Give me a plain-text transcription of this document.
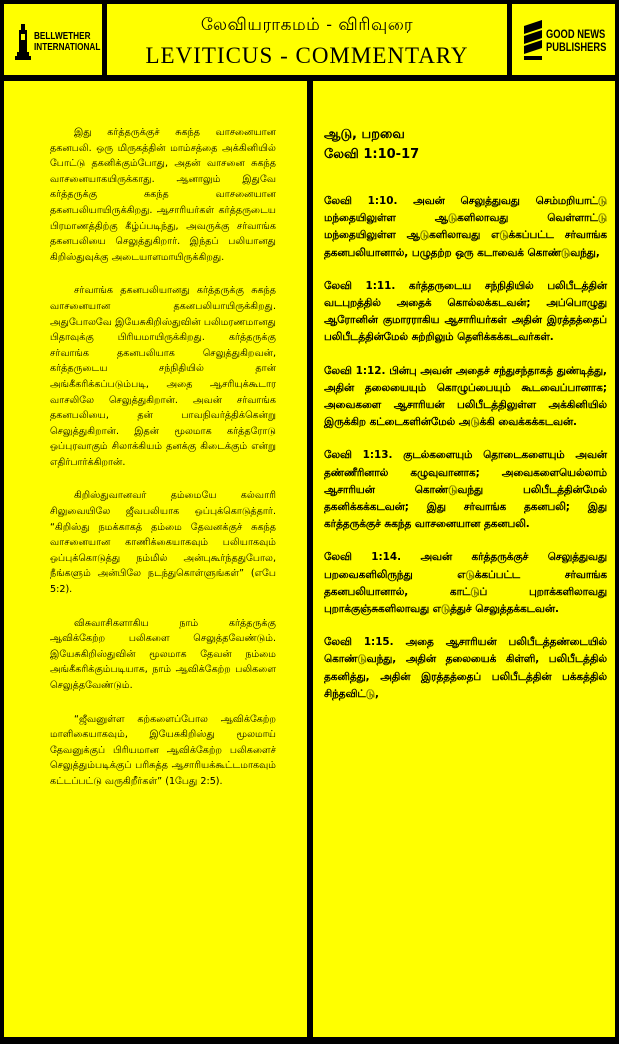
BELLWETHER
INTERNATIONAL
லேவியராகமம் - விரிவுரை
LEVITICUS - COMMENTARY
GOOD NEWS
PUBLISHERS

இது கர்த்தருக்குச் சுகந்த வாசனையான தகனபலி. ஒரு மிருகத்தின் மாம்சத்தை அக்கினியில் போட்டு தகனிக்கும்போது, அதன் வாசனை சுகந்த வாசனையாகயிருக்காது. ஆனாலும் இதுவே கர்த்தருக்கு சுகந்த வாசனையான தகனபலியாயிருக்கிறது. ஆசாரியர்கள் கர்த்தருடைய பிரமாணத்திற்கு கீழ்ப்படிந்து, அவருக்கு சர்வாங்க தகனபலியை செலுத்துகிறார். இந்தப் பலியானது கிறிஸ்துவுக்கு அடையாளமாயிருக்கிறது.

சர்வாங்க தகனபலியானது கர்த்தருக்கு சுகந்த வாசனையான தகனபலியாயிருக்கிறது. அதுபோலவே இயேசுகிறிஸ்துவின் பலிமரணமானது பிதாவுக்கு பிரியமாயிருக்கிறது. கர்த்தருக்கு சர்வாங்க தகனபலியாக செலுத்துகிறவன், கர்த்தருடைய சந்நிதியில் தான் அங்கீகரிக்கப்படும்படி, அதை ஆசரியுக்கூடார வாசலிலே செலுத்துகிறான். அவன் சர்வாங்க தகனபலியை, தன் பாவநிவர்த்திக்கென்று செலுத்துகிறான். இதன் மூலமாக கர்த்தரோடு ஒப்புரவாகும் சிலாக்கியம் தனக்கு கிடைக்கும் என்று எதிர்பார்க்கிறான்.

கிறிஸ்துவானவர் தம்மையே கல்வாரி சிலுவையிலே ஜீவபலியாக ஒப்புக்கொடுத்தார். “கிறிஸ்து நமக்காகத் தம்மை தேவனக்குச் சுகந்த வாசனையான காணிக்கையாகவும் பலியாகவும் ஒப்புக்கொடுத்து நம்மில் அன்புகூர்ந்ததுபோல, நீங்களும் அன்பிலே நடந்துகொள்ளுங்கள்” (எபே 5:2).

விசுவாசிகளாகிய நாம் கர்த்தருக்கு ஆவிக்கேற்ற பலிகளை செலுத்தவேண்டும். இயேசுகிறிஸ்துவின் மூலமாக தேவன் நம்மை அங்கீகரிக்கும்படியாக, நாம் ஆவிக்கேற்ற பலிகளை செலுத்தவேண்டும்.

“ஜீவனுள்ள கற்களைப்போல ஆவிக்கேற்ற மாளிகையாகவும், இயேசுகிறிஸ்து மூலமாய் தேவனுக்குப் பிரியமான ஆவிக்கேற்ற பலிகளைச் செலுத்தும்படிக்குப் பரிசுத்த ஆசாரியக்கூட்டமாகவும் கட்டப்பட்டு வருகிறீர்கள்” (1பேது 2:5).

ஆடு, பறவை
லேவி 1:10-17

லேவி 1:10. அவன் செலுத்துவது செம்மறியாட்டு மந்தையிலுள்ள ஆடுகளிலாவது வெள்ளாட்டு மந்தையிலுள்ள ஆடுகளிலாவது எடுக்கப்பட்ட சர்வாங்க தகனபலியானால், பழுதற்ற ஒரு கடாவைக் கொண்டுவந்து,

லேவி 1:11. கர்த்தருடைய சந்நிதியில் பலிபீடத்தின் வடபுறத்தில் அதைக் கொல்லக்கடவன்; அப்பொழுது ஆரோனின் குமாரராகிய ஆசாரியர்கள் அதின் இரத்தத்தைப் பலிபீடத்தின்மேல் சுற்றிலும் தெளிக்கக்கடவர்கள்.

லேவி 1:12. பின்பு அவன் அதைச் சந்துசந்தாகத் துண்டித்து, அதின் தலையையும் கொழுப்பையும் கூடவைப்பானாக; அவைகளை ஆசாரியன் பலிபீடத்திலுள்ள அக்கினியில் இருக்கிற கட்டைகளின்மேல் அடுக்கி வைக்கக்கடவன்.

லேவி 1:13. குடல்களையும் தொடைகளையும் அவன் தண்ணீரினால் கழுவுவானாக; அவைகளையெல்லாம் ஆசாரியன் கொண்டுவந்து பலிபீடத்தின்மேல் தகனிக்கக்கடவன்; இது சர்வாங்க தகனபலி; இது கர்த்தருக்குச் சுகந்த வாசனையான தகனபலி.

லேவி 1:14. அவன் கர்த்தருக்குச் செலுத்துவது பறவைகளிலிருந்து எடுக்கப்பட்ட சர்வாங்க தகனபலியானால், காட்டுப் புறாக்களிலாவது புறாக்குஞ்சுகளிலாவது எடுத்துச் செலுத்தக்கடவன்.

லேவி 1:15. அதை ஆசாரியன் பலிபீடத்தண்டையில் கொண்டுவந்து, அதின் தலையைக் கிள்ளி, பலிபீடத்தில் தகனித்து, அதின் இரத்தத்தைப் பலிபீடத்தின் பக்கத்தில் சிந்தவிட்டு,
